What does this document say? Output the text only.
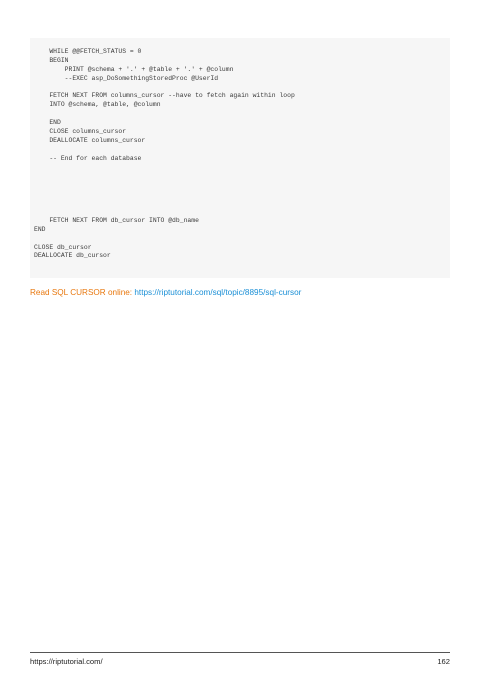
WHILE @@FETCH_STATUS = 0
BEGIN
PRINT @schema + '.' + @table + '.' + @column
--EXEC asp_DoSomethingStoredProc @UserId
FETCH NEXT FROM columns_cursor --have to fetch again within loop
INTO @schema, @table, @column
END
CLOSE columns_cursor
DEALLOCATE columns_cursor
-- End for each database
FETCH NEXT FROM db_cursor INTO @db_name
END
CLOSE db_cursor
DEALLOCATE db_cursor
Read SQL CURSOR online: https://riptutorial.com/sql/topic/8895/sql-cursor
https://riptutorial.com/	162
